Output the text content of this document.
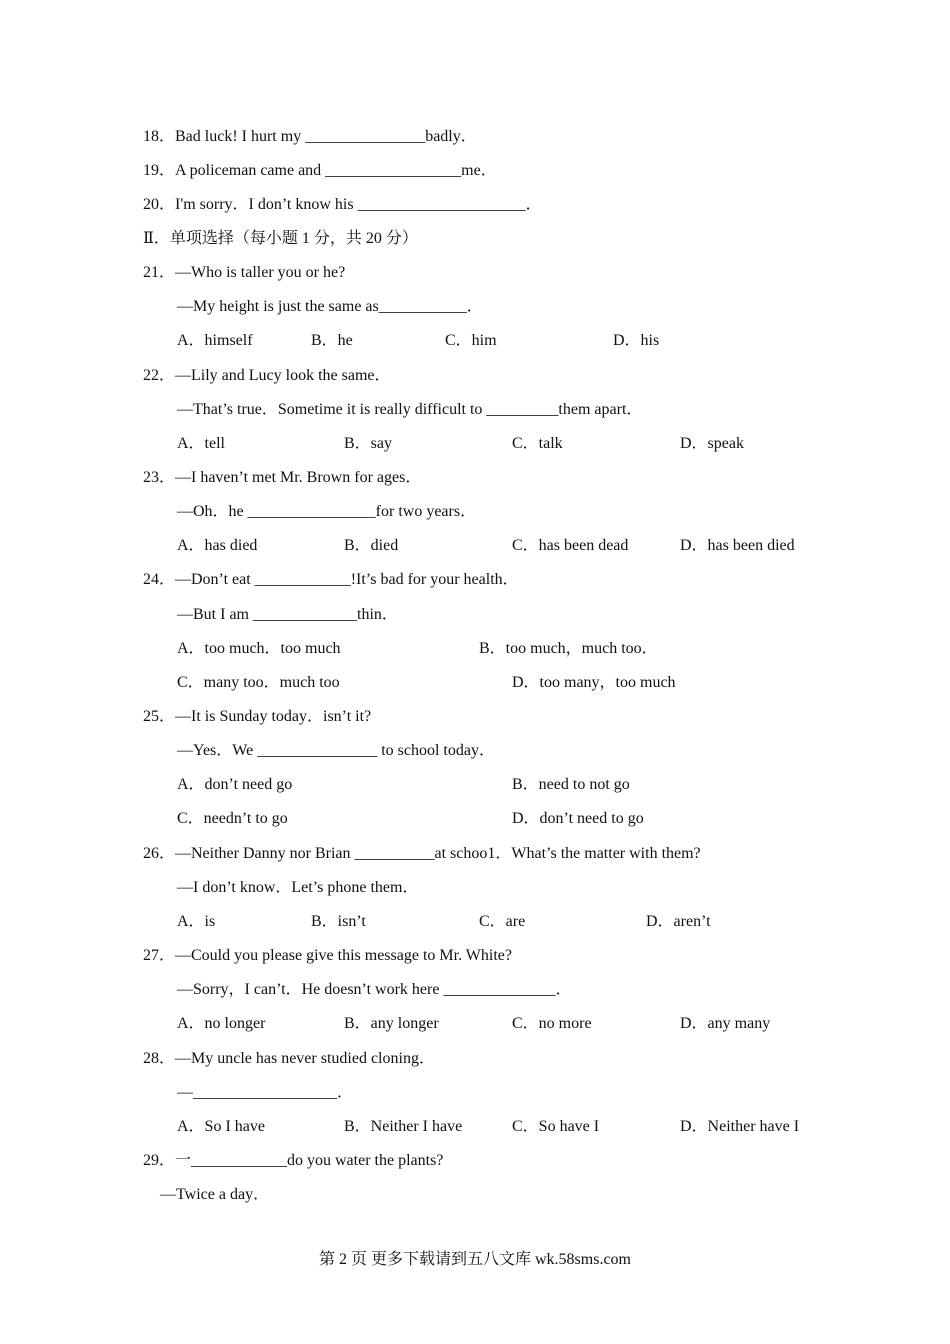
18．Bad luck! I hurt my _______________badly．
19．A policeman came and _________________me．
20．I'm sorry．I don’t know his _____________________．
Ⅱ．单项选择（每小题 1 分，共 20 分）
21．—Who is taller you or he?
—My height is just the same as___________．
A．himself	B．he	C．him	D．his
22．—Lily and Lucy look the same．
—That’s true．Sometime it is really difficult to _________them apart．
A．tell	B．say	C．talk	D．speak
23．—I haven’t met Mr. Brown for ages．
—Oh．he ________________for two years．
A．has died	B．died	C．has been dead	D．has been died
24．—Don’t eat ____________!It’s bad for your health．
—But I am _____________thin．
A．too much．too much	B．too much，much too．
C．many too．much too	D．too many，too much
25．—It is Sunday today．isn’t it?
—Yes．We _______________ to school today．
A．don’t need go	B．need to not go
C．needn’t to go	D．don’t need to go
26．—Neither Danny nor Brian __________at schoo1．What’s the matter with them?
—I don’t know．Let’s phone them．
A．is	B．isn’t	C．are	D．aren’t
27．—Could you please give this message to Mr. White?
—Sorry，I can’t．He doesn’t work here ______________．
A．no longer	B．any longer	C．no more	D．any many
28．—My uncle has never studied cloning．
—__________________．
A．So I have	B．Neither I have	C．So have I	D．Neither have I
29．一____________do you water the plants?
—Twice a day．
第 2 页 更多下载请到五八文库 wk.58sms.com
